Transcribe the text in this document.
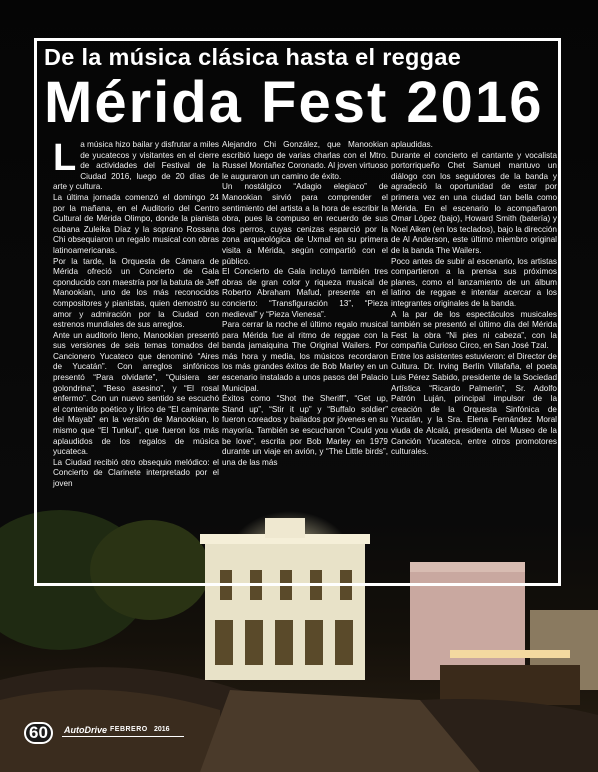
De la música clásica hasta el reggae
Mérida Fest 2016

La música hizo bailar y disfrutar a miles de yucatecos y visitantes en el cierre de actividades del Festival de la Ciudad 2016, luego de 20 días de arte y cultura.

La última jornada comenzó el domingo 24 por la mañana, en el Auditorio del Centro Cultural de Mérida Olimpo, donde la pianista cubana Zuleika Díaz y la soprano Rossana Chi obsequiaron un regalo musical con obras latinoamericanas.

Por la tarde, la Orquesta de Cámara de Mérida ofreció un Concierto de Gala cponducido con maestría por la batuta de Jeff Manookian, uno de los más reconocidos compositores y pianistas, quien demostró su amor y admiración por la Ciudad con estrenos mundiales de sus arreglos.

Ante un auditorio lleno, Manookian presentó sus versiones de seis temas tomados del Cancionero Yucateco que denominó “Aires de Yucatán”. Con arreglos sinfónicos presentó “Para olvidarte”, “Quisiera ser golondrina”, “Beso asesino”, y “El rosal enfermo”. Con un nuevo sentido se escuchó el contenido poético y lírico de “El caminante del Mayab” en la versión de Manookian, lo mismo que “El Tunkul”, que fueron los más aplaudidos de los regalos de música yucateca.

La Ciudad recibió otro obsequio melódico: el Concierto de Clarinete interpretado por el joven

Alejandro Chi González, que Manookian escribió luego de varias charlas con el Mtro. Russel Montañez Coronado. Al joven virtuoso le auguraron un camino de éxito.

Un nostálgico “Adagio elegiaco” de Manookian sirvió para comprender el sentimiento del artista a la hora de escribir la obra, pues la compuso en recuerdo de sus dos perros, cuyas cenizas esparció por la zona arqueológica de Uxmal en su primera visita a Mérida, según compartió con el público.

El Concierto de Gala incluyó también tres obras de gran color y riqueza musical de Roberto Abraham Mafud, presente en el concierto: “Transfiguración 13”, “Pieza medieval” y “Pieza Vienesa”.

Para cerrar la noche el último regalo musical para Mérida fue al ritmo de reggae con la banda jamaiquina The Original Wailers. Por más hora y media, los músicos recordaron los más grandes éxitos de Bob Marley en un escenario instalado a unos pasos del Palacio Municipal.

Éxitos como “Shot the Sheriff”, “Get up, Stand up”, “Stir it up” y “Buffalo soldier” fueron coreados y bailados por jóvenes en su mayoría. También se escucharon “Could you be love”, escrita por Bob Marley en 1979 durante un viaje en avión, y “The Little birds”, una de las más

aplaudidas.

Durante el concierto el cantante y vocalista portorriqueño Chet Samuel mantuvo un diálogo con los seguidores de la banda y agradeció la oportunidad de estar por primera vez en una ciudad tan bella como Mérida. En el escenario lo acompañaron Omar López (bajo), Howard Smith (batería) y Noel Aiken (en los teclados), bajo la dirección de Al Anderson, este último miembro original de la banda The Wailers.

Poco antes de subir al escenario, los artistas compartieron a la prensa sus próximos planes, como el lanzamiento de un álbum latino de reggae e intentar acercar a los integrantes originales de la banda.

A la par de los espectáculos musicales también se presentó el último día del Mérida Fest la obra “Ni pies ni cabeza”, con la compañía Curioso Circo, en San José Tzal.

Entre los asistentes estuvieron: el Director de Cultura. Dr. Irving Berlín Villafaña, el poeta Luis Pérez Sabido, presidente de la Sociedad Artística “Ricardo Palmerín”, Sr. Adolfo Patrón Luján, principal impulsor de la creación de la Orquesta Sinfónica de Yucatán, y la Sra. Elena Fernández Moral viuda de Alcalá, presidenta del Museo de la Canción Yucateca, entre otros promotores culturales.

60	AutoDrive FEBRERO 2016
